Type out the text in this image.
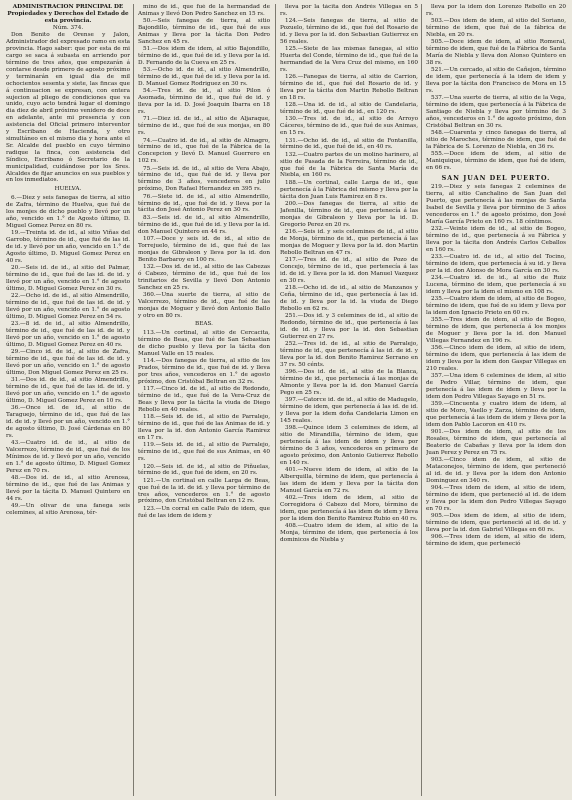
ADMINISTRACION PRINCIPAL DE Propiedades y Derechos del Estado de esta provincia.

Núm. 374.

Don Benito de Orense y Jalon, Administrador del expresado ramo en esta provincia. Hago saber: que por esta de mi cargo se saca á subasta en arriendo por término de tres años, que empezarán á contarse desde primero de agosto próximo y terminarán en igual dia de mil ochocientos sesenta y siete, las fincas que á continuacion se expresan, con entera sujecion al pliego de condiciones que va unido, cuyo acto tendrá lugar el domingo dia diez de abril próximo venidero de doce en adelante, ante mi presencia y con asistencia del Oficial primero interventor y Escribano de Hacienda, y otro simultáneo en el mismo dia y hora ante el Sr. Alcalde del pueblo en cuyo término radique la finca, con asistencia del Síndico, Escribano ó Secretario de la municipalidad, cuidándose por los Sres. Alcaldes de fijar anuncios en sus pueblos y en los inmediatos.

HUELVA.

6.—Diez y seis fanegas de tierra, al sitio de Zafra, término de Huelva, que fué de los monjes de dicho pueblo y llevó por un año, vencido en 1.° de Agosto último, D. Miguel Gomez Perez en 80 rs.

19.—Treinta id. de id., al sitio Viñas del Garrobo, término de id., que fué de las id. de id. y llevó por un año, vencido en 1.° de Agosto último, D. Miguel Gomez Perez en 40 rs.

20.—Seis id. de id., al sitio del Palmar, término de id., que fué de las id. de id. y llevó por un año, vencido en 1.° de agosto último, D. Miguel Gomez Perez en 30 rs.

22.—Ocho id. de id., al sitio Almendrillo, término de id., que fué de las id. de id. y llevó por un año, vencido en 1.° de agosto último, D. Miguel Gomez Perez en 54 rs.

23.—8 id. de id., al sitio Almendrillo, término de id., que fué de las id. de id. y llevó por un año, vencido en 1.° de agosto último, D. Miguel Gomez Perez en 40 rs.

29.—Cinco id. de id., al sitio de Zafra, término de id., que fué de las id. de id. y llevó por un año, vencido en 1.° de agosto último, Don Miguel Gomez Perez en 25 rs.

31.—Dos id. de id., al sitio Almendrillo, término de id., que fué de las id. de id. y llevó por un año, vencido en 1.° de agosto último, D. Miguel Gomez Perez en 10 rs.

36.—Once id. de id., al sitio de Taraguejo, término de id., que fué de las id. de id. y llevó por un año, vencido en 1.° de agosto último, D. José Cárdenas en 80 rs.

43.—Cuatro id. de id., al sitio de Valcerrezo, término de id., que fué de los Mínimos de id. y llevó por un año, vencido en 1.° de agosto último, D. Miguel Gomez Perez en 70 rs.

48.—Dos id. de id., al sitio Arenosa, término de id., que fué de las Animas y llevó por la tácita D. Manuel Quintero en 44 rs.

49.—Un olivar de una fanega seis celemines, al sitio Arenosa, tér-

mino de id., que fué de la hermandad de Animas y llevó Don Pedro Sanchez en 15 rs.

50.—Seis fanegas de tierra, al sitio Bajondillo, término de id., que fué de sus Animas y lleva por la tácita Don Pedro Sanchez en 45 rs.

51.—Dos idem de idem, al sitio Bajondillo, término de id., que fué de id. y lleva por la id. D. Fernando de la Cueva en 25 rs.

53.—Ocho id. de id., al sitio Almendrillo, término de id., que fué de id. y lleva por la id. D. Manuel Gomez Rodriguez en 30 rs.

54.—Tres id. de id., al sitio Pilon ó Asomada, término de id., que fué de id. y lleva por la id. D. José Joaquin Ibarra en 18 rs.

71.—Diez id. de id., al sitio de Aljaraque, término de id., que fué de sus monjas, en 80 rs.

74.—Cuatro id. de id., al sitio de Almagro, término de id., que fué de la Fábrica de la Concepcion y llevó D. Manuel Guerrero en 102 rs.

75.—Seis id. de id., al sitio de Vera Abajo, término de id., que fué de id. y lleva por término de 3 años, vencederos en julio próximo, Don Rafael Hernandez en 395 rs.

76.—Siete id. de id., al sitio Almendrillo, término de id., que fué de id. y lleva por la tácita don José Antonio Perez en 30 rs.

83.—Seis id. de id., al sitio Almendrillo, término de id., que fué de id. y lleva por la id. don Manuel Quintero en 44 rs.

107.—Doce y seis id. de id., al sitio de Torrejuelo, término de id., que fué de las monjas de Gibraleon y lleva por la id. don Benito Barbaroy en 100 rs.

132.—Dos id. de id., al sitio de las Cabezas ó Cabezo, término de id., que fué de los trinitarios de Sevilla y llevó Don Antonio Sanchez en 25 rs.

360.—Una suerte de tierra, al sitio de Valcerrezo, término de id., que fué de las monjas de Moguer y llevó don Antonio Ballo y otro en 80 rs.

BEAS.

113.—Un cortinal, al sitio de Cercacita, término de Beas, que fué de San Sebastian de dicho pueblo y lleva por la tácita don Manuel Valle en 15 reales.

114.—Dos fanegas de tierra, al sitio de los Prados, término de id., que fué de id. y lleva por tres años, vencederos en 1.° de agosto próximo, don Cristóbal Beltran en 32 rs.

117.—Cinco id. de id., al sitio de Redondo, término de id., que fué de la Vera-Cruz de Beas y lleva por la tácita la viuda de Diego Rebollo en 40 reales.

118.—Seis id. de id., al sitio de Parralejo, término de id., que fué de las Animas de id. y lleva por la id. don Antonio García Ramirez en 17 rs.

119.—Seis id. de id., al sitio de Parralejo, término de id., que fué de sus Animas, en 40 rs.

120.—Seis id. de id., al sitio de Piñuelas, término de id., que fué de idem, en 20 rs.

121.—Un cortinal en calle Larga de Beas, que fué de la id. de id. y lleva por término de tres años, vencederos en 1.° de agosto próximo, don Cristóbal Beltran en 12 rs.

123.—Un corral en calle Palo de idem, que fué de las idem de idem y

lleva por la tácita don Andrés Villegas en 5 rs.

124.—Seis fanegas de tierra, al sitio de Pozuelo, término de id., que fué del Rosario de id. y lleva por la id. don Sebastian Gutierrez en 56 reales.

125.—Siete de las mismas fanegas, al sitio Huerta del Conde, término de id., que fué de la hermandad de la Vera Cruz del mismo, en 160 rs.

126.—Fanegas de tierra, al sitio de Carrion, término de id., que fué del Rosario de id. y lleva por la tácita don Martin Rebollo Beltran en 18 rs.

128.—Una id. de id., al sitio de Candelaria, término de id., que fué de id., en 120 rs.

130.—Tres id. de id., al sitio de Arroyo Cáceres, término de id., que fué de sus Animas, en 15 rs.

131.—Ocho id. de id., al sitio de Fontanilla, término de id., que fué de id., en 40 rs.

132.—Cuatro partes de un molino harinero, al sitio de Pasada de la Ferreira, término de id., que fué de la Fábrica de Santa María de Niebla, en 160 rs.

188.—Un cortinal, calle Larga de id., que pertenecía á la Fábrica del mismo y lleva por la tácita don Juan Luis Ramirez en 8 rs.

200.—Dos fanegas de tierra, al sitio de Jafenilla, término de id., que pertenecía á las monjas de Gibraleon y lleva por la id. D. Gregorio Perez en 20 rs.

216.—Seis id. y seis celemines de id., al sitio de Monja, término de id., que pertenecía á las monjas de Moguer y lleva por la id. don Martin Rebollo Beltran en 47 rs.

217.—Tres id. de id., al sitio de Pozo de Concejo, término de id., que pertenecía á las id. de id. y lleva por la id. don Manuel Vazquez en 30 rs.

218.—Ocho id. de id., al sitio de Manzanos y Ceña, término de id., que pertenecía á las id. de id. y lleva por la id. la viuda de Diego Rebollo en 62 rs.

251.—Dos id. y 3 celemines de id., al sitio de Redondo, término de id., que pertenecía á las id. de id. y lleva por la id. don Sebastian Gutierrez en 27 rs.

252.—Tres id. de id., al sitio de Parralejo, término de id., que pertenecía á las id. de id. y lleva por la id. don Benito Ramirez Serrano en 37 rs. 50 cénts.

396.—Dos id. de id., al sitio de la Blanca, término de id., que pertenecía á las monjas de Almonte y lleva por la id. don Manuel García Pego en 25 rs.

397.—Catorce id. de id., al sitio de Madugelo, término de idem, que pertenecía á las id. de id. y lleva por la idem doña Candelaria Limon en 145 reales.

398.—Quince idem 3 celemines de idem, al sitio de Mirandilla, término de idem, que pertenecía á las idem de idem y lleva por término de 3 años, vencederos en primero de agosto próximo, don Antonio Gutierrez Rebollo en 140 rs.

401.—Nueve idem de idem, al sitio de la Alberquilla, término de idem, que pertenecía á las idem de idem y lleva por la tácita don Manuel García en 72 rs.

402.—Tres idem de idem, al sitio de Corregidora ó Cabezo del Moro, término de idem, que pertenecía á las idem de idem y lleva por la idem don Benito Ramirez Rubio en 40 rs.

408.—Cuatro idem de idem, al sitio de la Monja, término de idem, que pertenecía á los dominicos de Niebla y

lleva por la idem don Lorenzo Rebollo en 20 rs.

503.—Dos idem de idem, al sitio del Soriano, término de idem, que fué de la fábrica de Niebla, en 20 rs.

505.—Doce idem de idem, al sitio Romeral, término de idem, que fué de la Fábrica de Santa María de Niebla y lleva don Alonso Quintero en 38 rs.

521.—Un cercado, al sitio de Cañejon, término de idem, que pertenecía á la idem de idem y lleva por la tácita don Francisco de Mora en 15 rs.

537.—Una suerte de tierra, al sitio de la Vega, término de idem, que pertenecía á la Fábrica de Santiago de Niebla y lleva por término de 3 años, vencederos en 1.° de agosto próximo, don Cristóbal Beltran en 30 rs.

548.—Cuarenta y cinco fanegas de tierra, al sitio de Maroches, término de idem, que fué de la Fábrica de S. Lorenzo de Niebla, en 36 rs.

555.—Doce idem de idem, al sitio de Maniquique, término de idem, que fué de idem, en 66 rs.

SAN JUAN DEL PUERTO.

219.—Diez y seis fanegas 2 celemines de tierra, al sitio Canchalino de San Juan del Puerto, que pertenecía á las monjas de Santa Isabel de Sevilla y lleva por término de 3 años vencederos en 1.° de agosto próximo, don José María García Prieto en 160 rs. 18 céntimos.

232.—Veinte idem de id., al sitio de Bogeo, término de id., que pertenecía á su Fábrica y lleva por la tácita don Andrés Carlos Ceballos en 160 rs.

233.—Cuatro id. de id., al sitio del Tocino, término de idem, que pertenecía á su id. y lleva por la id. don Alonso de Mora García en 30 rs.

234.—Cuatro id. de id., al sitio de Ruiz Lucena, término de idem, que pertenecía á su idem y lleva por la idem el mismo en 108 rs.

235.—Cuatro idem de idem, al sitio de Bogeo, término de idem, que fué de su idem y lleva por la idem don Ignacio Prieto en 60 rs.

355.—Tres idem de idem, al sitio de Bogeo, término de idem, que pertenecía á los monjes de Moguer y lleva por la id. don Manuel Villegas Fernandez en 196 rs.

356.—Cinco idem de idem, al sitio de idem, término de idem, que pertenecía á las idem de idem y lleva por la idem don Gaspar Villegas en 210 reales.

357.—Una idem 6 celemines de idem, al sitio de Pedro Villar, término de idem, que pertenecía á las idem de idem y lleva por la idem don Pedro Villegas Sayago en 51 rs.

359.—Cincuenta y cuatro idem de idem, al sitio de Moro, Vaello y Zarza, término de idem, que pertenecía á las idem de idem y lleva por la idem don Pablo Lacoron en 410 rs.

901.—Dos idem de idem, al sitio de los Rosales, término de idem, que pertenecía al Beaterio de Cabañas y lleva por la idem don Juan Perez y Perez en 75 rs.

903.—Cinco idem de idem, al sitio de Mataconejos, término de idem, que perteneció al id. de id. y lleva por la idem don Antonio Dominguez en 340 rs.

904.—Tres idem de idem, al sitio de idem, término de idem, que perteneció al id. de idem y lleva por la idem don Pedro Villegas Sayago en 70 rs.

905.—Dos idem de idem, al sitio de idem, término de idem, que perteneció al id. de id. y lleva por la id. don Gabriel Villegas en 60 rs.

906.—Tres idem de idem, al sitio de idem, término de idem, que perteneció
